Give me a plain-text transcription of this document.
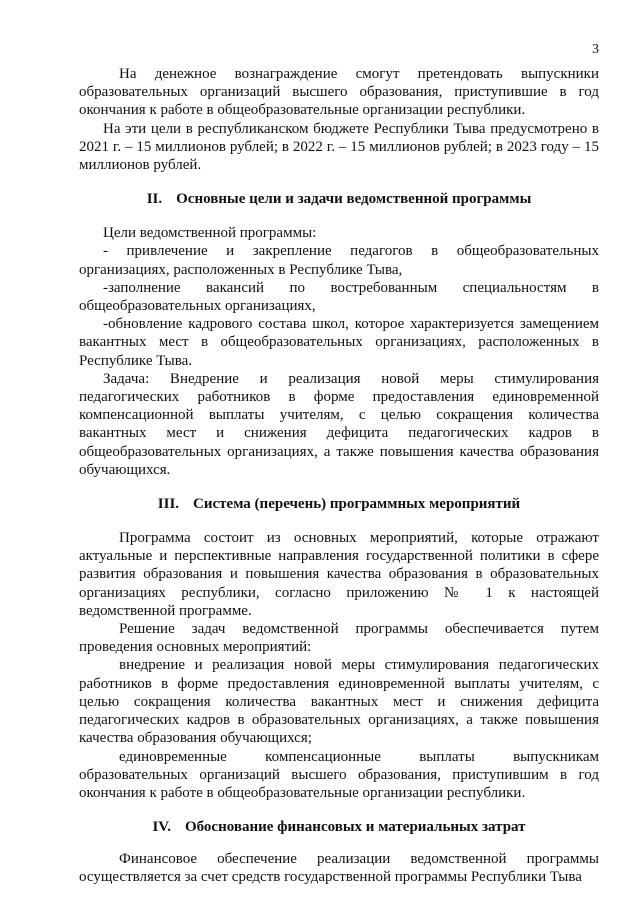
3

На денежное вознаграждение смогут претендовать выпускники образовательных организаций высшего образования, приступившие в год окончания к работе в общеобразовательные организации республики.

На эти цели в республиканском бюджете Республики Тыва предусмотрено в 2021 г. – 15 миллионов рублей; в 2022 г. – 15 миллионов рублей; в 2023 году – 15 миллионов рублей.

II. Основные цели и задачи ведомственной программы

Цели ведомственной программы:

- привлечение и закрепление педагогов в общеобразовательных организациях, расположенных в Республике Тыва,

-заполнение вакансий по востребованным специальностям в общеобразовательных организациях,

-обновление кадрового состава школ, которое характеризуется замещением вакантных мест в общеобразовательных организациях, расположенных в Республике Тыва.

Задача: Внедрение и реализация новой меры стимулирования педагогических работников в форме предоставления единовременной компенсационной выплаты учителям, с целью сокращения количества вакантных мест и снижения дефицита педагогических кадров в общеобразовательных организациях, а также повышения качества образования обучающихся.

III. Система (перечень) программных мероприятий

Программа состоит из основных мероприятий, которые отражают актуальные и перспективные направления государственной политики в сфере развития образования и повышения качества образования в образовательных организациях республики, согласно приложению № 1 к настоящей ведомственной программе.

Решение задач ведомственной программы обеспечивается путем проведения основных мероприятий:

внедрение и реализация новой меры стимулирования педагогических работников в форме предоставления единовременной выплаты учителям, с целью сокращения количества вакантных мест и снижения дефицита педагогических кадров в образовательных организациях, а также повышения качества образования обучающихся;

единовременные компенсационные выплаты выпускникам образовательных организаций высшего образования, приступившим в год окончания к работе в общеобразовательные организации республики.

IV. Обоснование финансовых и материальных затрат

Финансовое обеспечение реализации ведомственной программы осуществляется за счет средств государственной программы Республики Тыва
